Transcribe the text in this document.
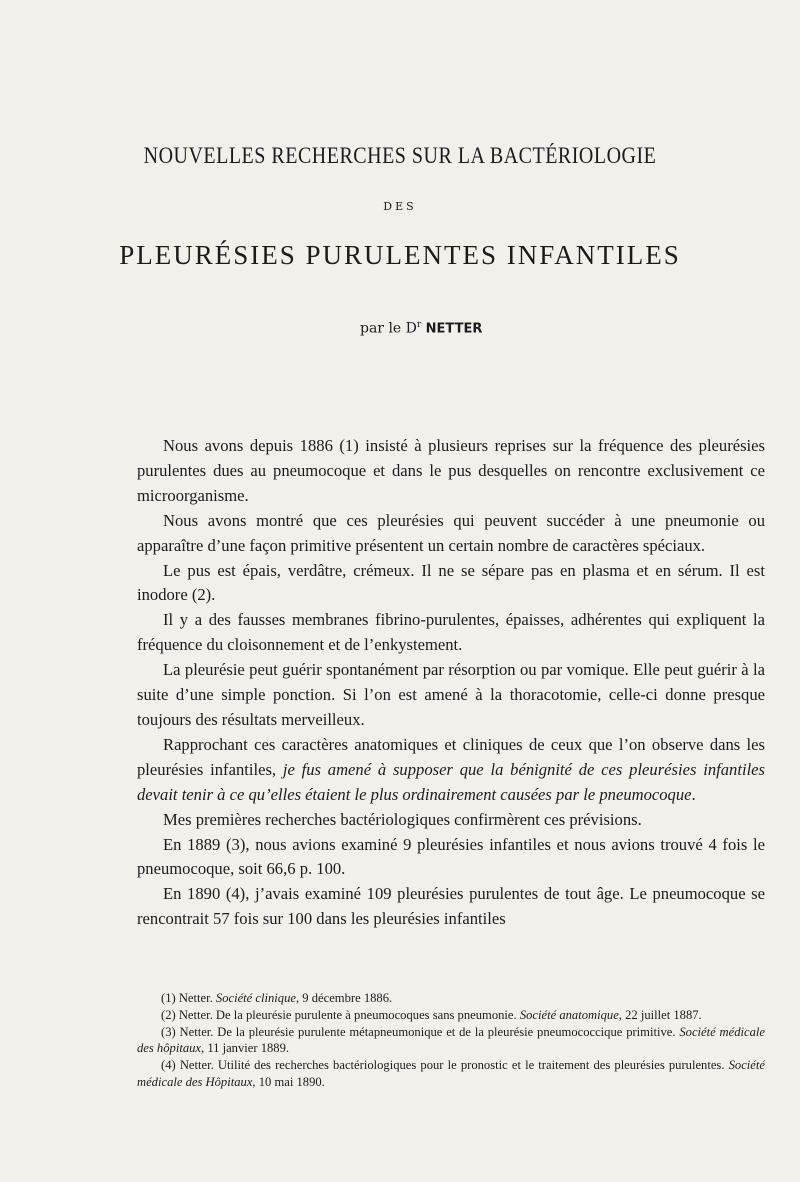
NOUVELLES RECHERCHES SUR LA BACTÉRIOLOGIE
DES
PLEURÉSIES PURULENTES INFANTILES
par le $D^r$ NETTER

Nous avons depuis 1886 (1) insisté à plusieurs reprises sur la fréquence des pleurésies purulentes dues au pneumocoque et dans le pus desquelles on rencontre exclusivement ce microorganisme.

Nous avons montré que ces pleurésies qui peuvent succéder à une pneumonie ou apparaître d’une façon primitive présentent un certain nombre de caractères spéciaux.

Le pus est épais, verdâtre, crémeux. Il ne se sépare pas en plasma et en sérum. Il est inodore (2).

Il y a des fausses membranes fibrino-purulentes, épaisses, adhérentes qui expliquent la fréquence du cloisonnement et de l’enkystement.

La pleurésie peut guérir spontanément par résorption ou par vomique. Elle peut guérir à la suite d’une simple ponction. Si l’on est amené à la thoracotomie, celle-ci donne presque toujours des résultats merveilleux.

Rapprochant ces caractères anatomiques et cliniques de ceux que l’on observe dans les pleurésies infantiles, je fus amené à supposer que la bénignité de ces pleurésies infantiles devait tenir à ce qu’elles étaient le plus ordinairement causées par le pneumocoque.

Mes premières recherches bactériologiques confirmèrent ces prévisions.

En 1889 (3), nous avions examiné 9 pleurésies infantiles et nous avions trouvé 4 fois le pneumocoque, soit 66,6 p. 100.

En 1890 (4), j’avais examiné 109 pleurésies purulentes de tout âge. Le pneumocoque se rencontrait 57 fois sur 100 dans les pleurésies infantiles

(1) Netter. Société clinique, 9 décembre 1886.

(2) Netter. De la pleurésie purulente à pneumocoques sans pneumonie. Société anatomique, 22 juillet 1887.

(3) Netter. De la pleurésie purulente métapneumonique et de la pleurésie pneumococcique primitive. Société médicale des hôpitaux, 11 janvier 1889.

(4) Netter. Utilité des recherches bactériologiques pour le pronostic et le traitement des pleurésies purulentes. Société médicale des Hôpitaux, 10 mai 1890.
